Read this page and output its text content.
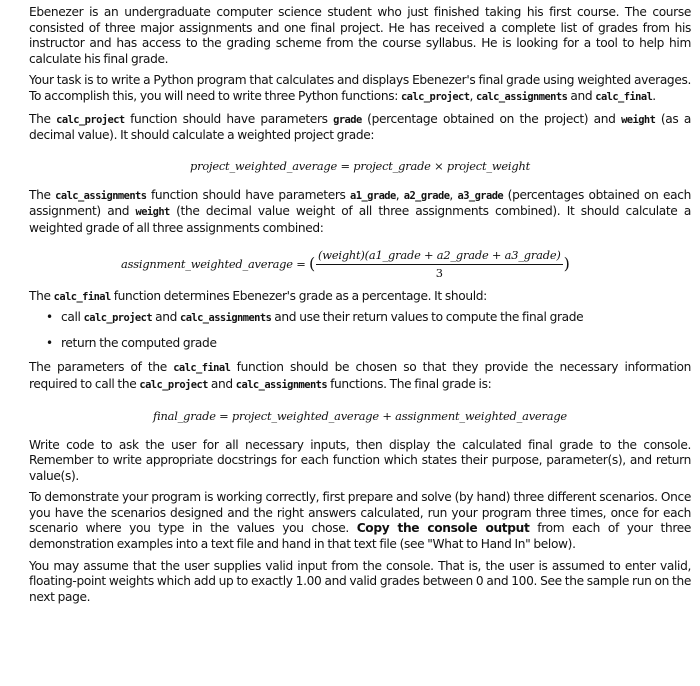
Ebenezer is an undergraduate computer science student who just finished taking his first course. The course consisted of three major assignments and one final project. He has received a complete list of grades from his instructor and has access to the grading scheme from the course syllabus. He is looking for a tool to help him calculate his final grade.

Your task is to write a Python program that calculates and displays Ebenezer's final grade using weighted averages. To accomplish this, you will need to write three Python functions: calc_project, calc_assignments and calc_final.

The calc_project function should have parameters grade (percentage obtained on the project) and weight (as a decimal value). It should calculate a weighted project grade:

project_weighted_average = project_grade × project_weight

The calc_assignments function should have parameters a1_grade, a2_grade, a3_grade (percentages obtained on each assignment) and weight (the decimal value weight of all three assignments combined). It should calculate a weighted grade of all three assignments combined:

assignment_weighted_average = ( $\frac{\text{(weight)(a1\_grade + a2\_grade + a3\_grade)}}{3}$ )

The calc_final function determines Ebenezer's grade as a percentage. It should:

• call calc_project and calc_assignments and use their return values to compute the final grade
• return the computed grade

The parameters of the calc_final function should be chosen so that they provide the necessary information required to call the calc_project and calc_assignments functions. The final grade is:

final_grade = project_weighted_average + assignment_weighted_average

Write code to ask the user for all necessary inputs, then display the calculated final grade to the console. Remember to write appropriate docstrings for each function which states their purpose, parameter(s), and return value(s).

To demonstrate your program is working correctly, first prepare and solve (by hand) three different scenarios. Once you have the scenarios designed and the right answers calculated, run your program three times, once for each scenario where you type in the values you chose. Copy the console output from each of your three demonstration examples into a text file and hand in that text file (see "What to Hand In" below).

You may assume that the user supplies valid input from the console. That is, the user is assumed to enter valid, floating-point weights which add up to exactly 1.00 and valid grades between 0 and 100. See the sample run on the next page.
